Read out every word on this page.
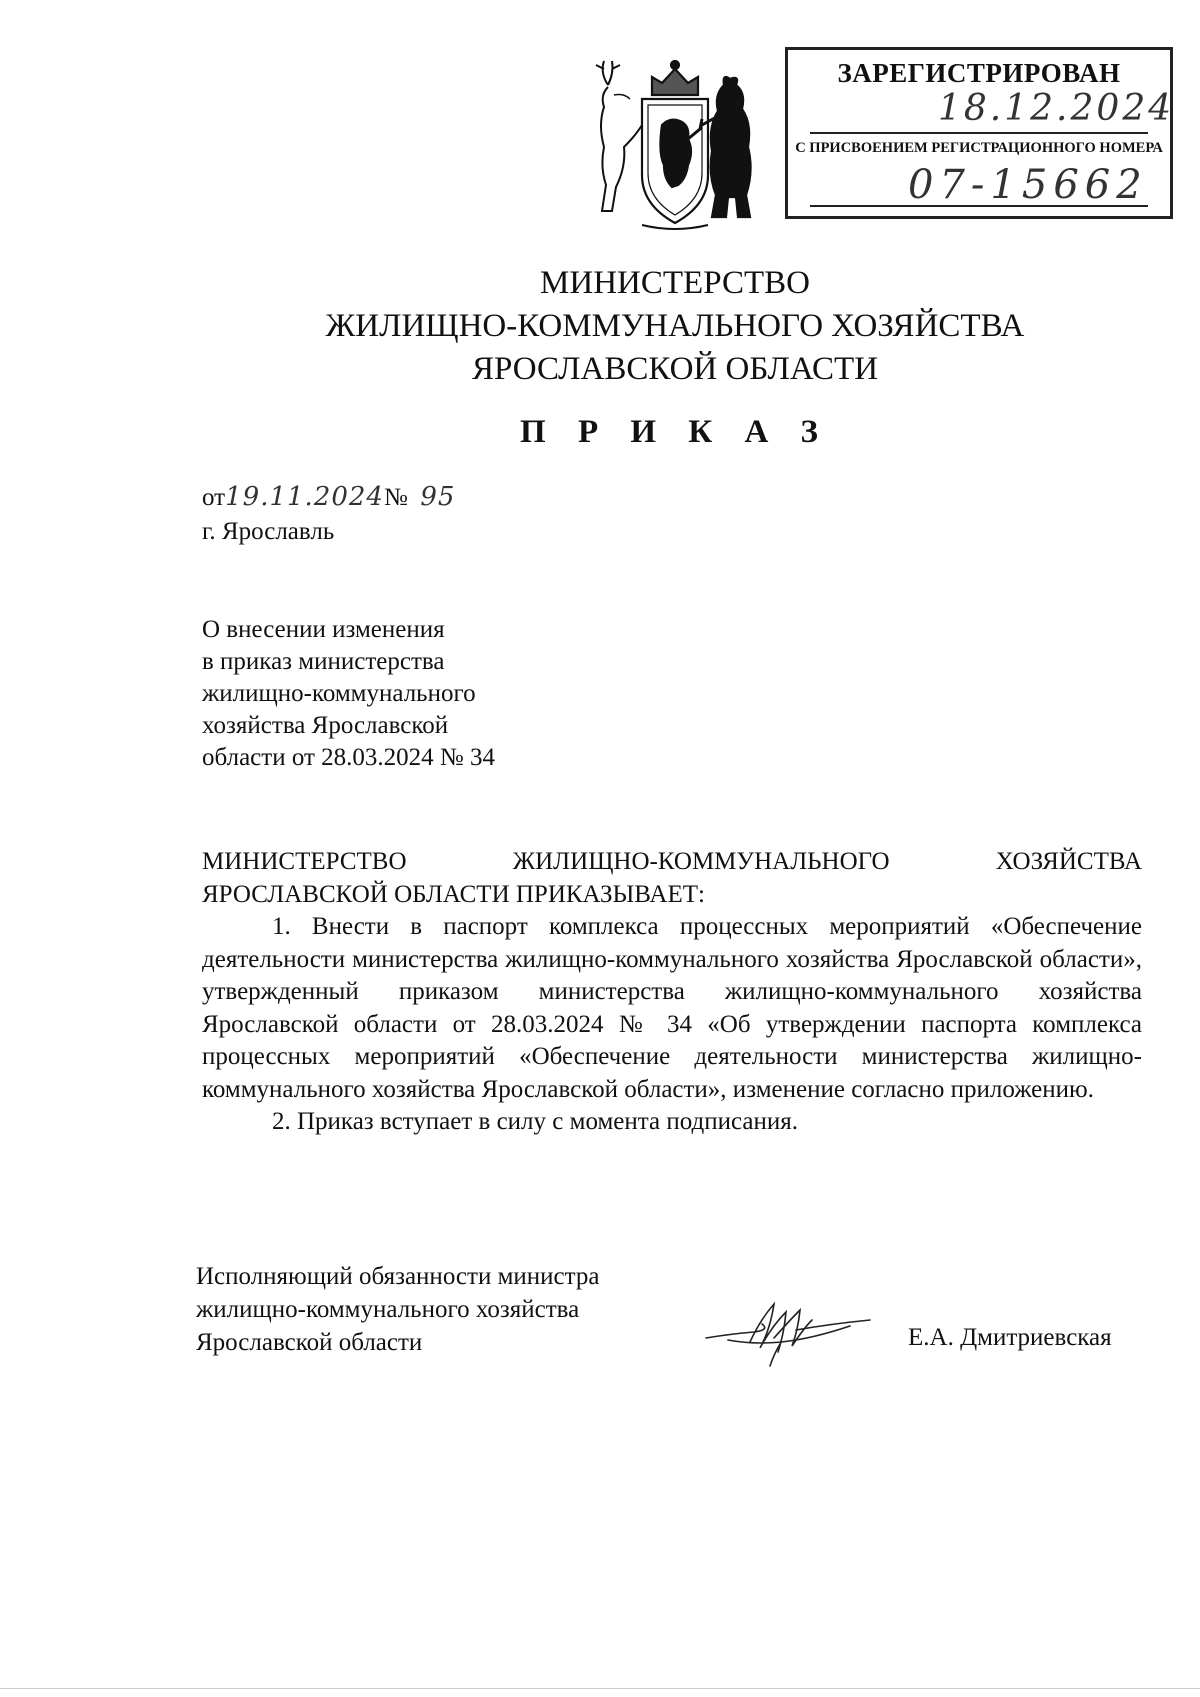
ЗАРЕГИСТРИРОВАН
18.12.2024
С ПРИСВОЕНИЕМ РЕГИСТРАЦИОННОГО НОМЕРА
07-15662
МИНИСТЕРСТВО
ЖИЛИЩНО-КОММУНАЛЬНОГО ХОЗЯЙСТВА
ЯРОСЛАВСКОЙ ОБЛАСТИ
П Р И К А З
от19.11.2024№ 95
г. Ярославль
О внесении изменения
в приказ министерства
жилищно-коммунального
хозяйства Ярославской
области от 28.03.2024 № 34
МИНИСТЕРСТВО ЖИЛИЩНО-КОММУНАЛЬНОГО ХОЗЯЙСТВА
ЯРОСЛАВСКОЙ ОБЛАСТИ ПРИКАЗЫВАЕТ:
1. Внести в паспорт комплекса процессных мероприятий «Обеспечение деятельности министерства жилищно-коммунального хозяйства Ярославской области», утвержденный приказом министерства жилищно-коммунального хозяйства Ярославской области от 28.03.2024 № 34 «Об утверждении паспорта комплекса процессных мероприятий «Обеспечение деятельности министерства жилищно-коммунального хозяйства Ярославской области», изменение согласно приложению.
2. Приказ вступает в силу с момента подписания.
Исполняющий обязанности министра
жилищно-коммунального хозяйства
Ярославской области	Е.А. Дмитриевская
